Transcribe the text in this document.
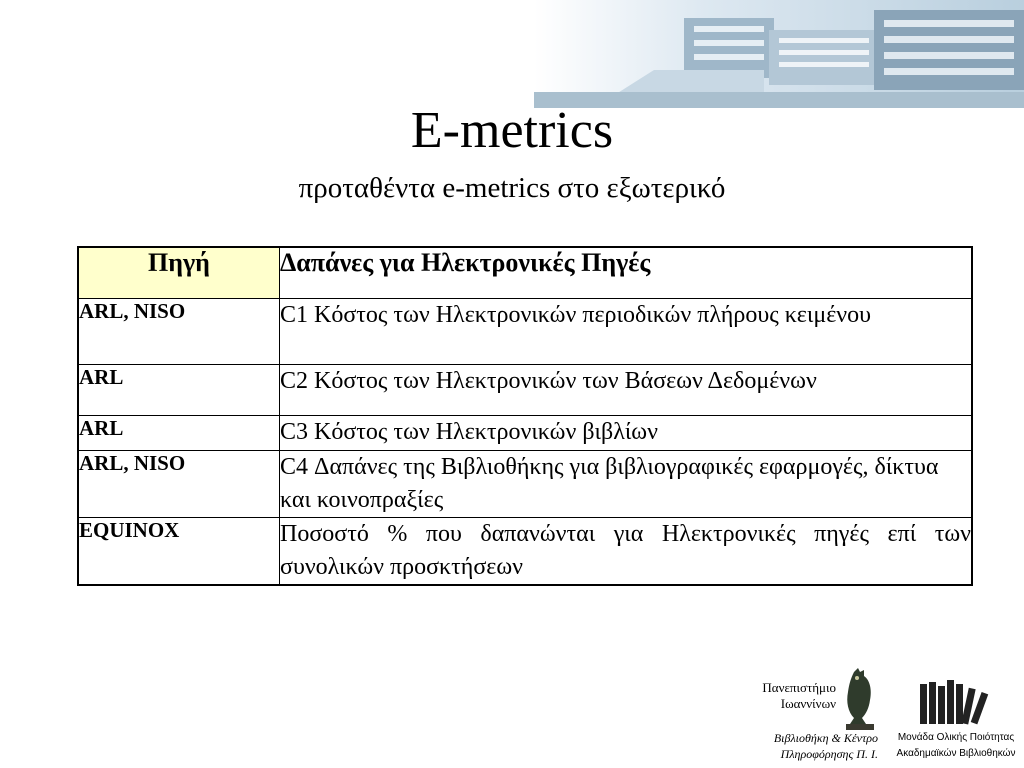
E-metrics
προταθέντα e-metrics στο εξωτερικό
Πηγή	Δαπάνες για Ηλεκτρονικές Πηγές
ARL, NISO	C1 Κόστος των Ηλεκτρονικών περιοδικών πλήρους κειμένου
ARL	C2 Κόστος των Ηλεκτρονικών των Βάσεων Δεδομένων
ARL	C3 Κόστος των Ηλεκτρονικών βιβλίων
ARL, NISO	C4 Δαπάνες της Βιβλιοθήκης για βιβλιογραφικές εφαρμογές, δίκτυα και κοινοπραξίες
EQUINOX	Ποσοστό % που δαπανώνται για Ηλεκτρονικές πηγές επί των συνολικών προσκτήσεων
Πανεπιστήμιο
Ιωαννίνων
Βιβλιοθήκη & Κέντρο
Πληροφόρησης Π. Ι.
Μονάδα Ολικής Ποιότητας
Ακαδημαϊκών Βιβλιοθηκών
